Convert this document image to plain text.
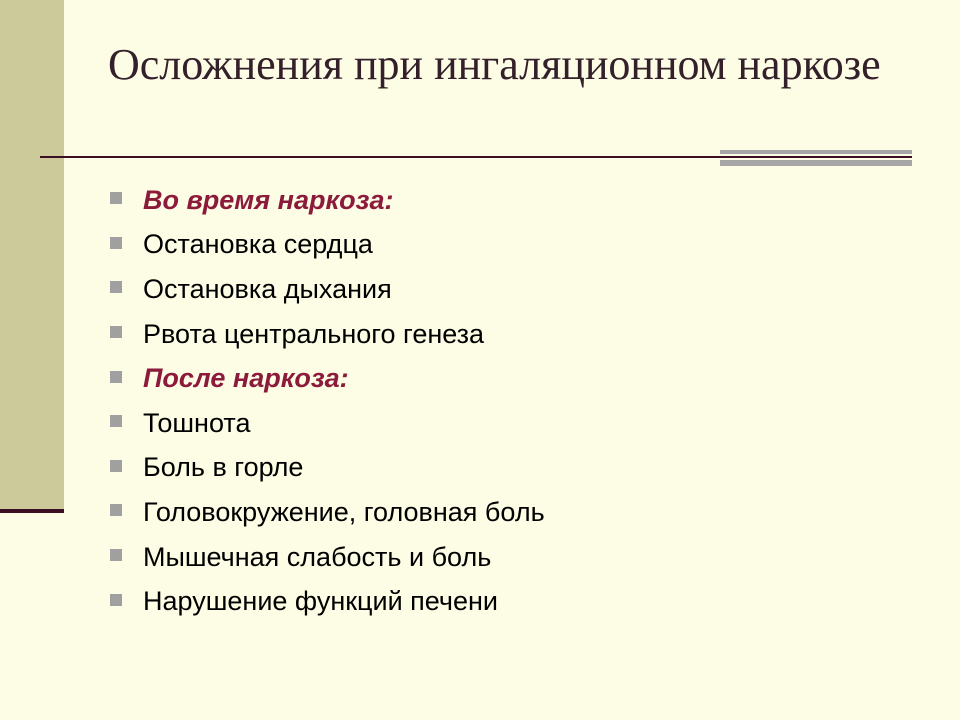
Осложнения при ингаляционном наркозе
Во время наркоза:
Остановка сердца
Остановка дыхания
Рвота центрального генеза
После наркоза:
Тошнота
Боль в горле
Головокружение, головная боль
Мышечная слабость и боль
Нарушение функций печени
